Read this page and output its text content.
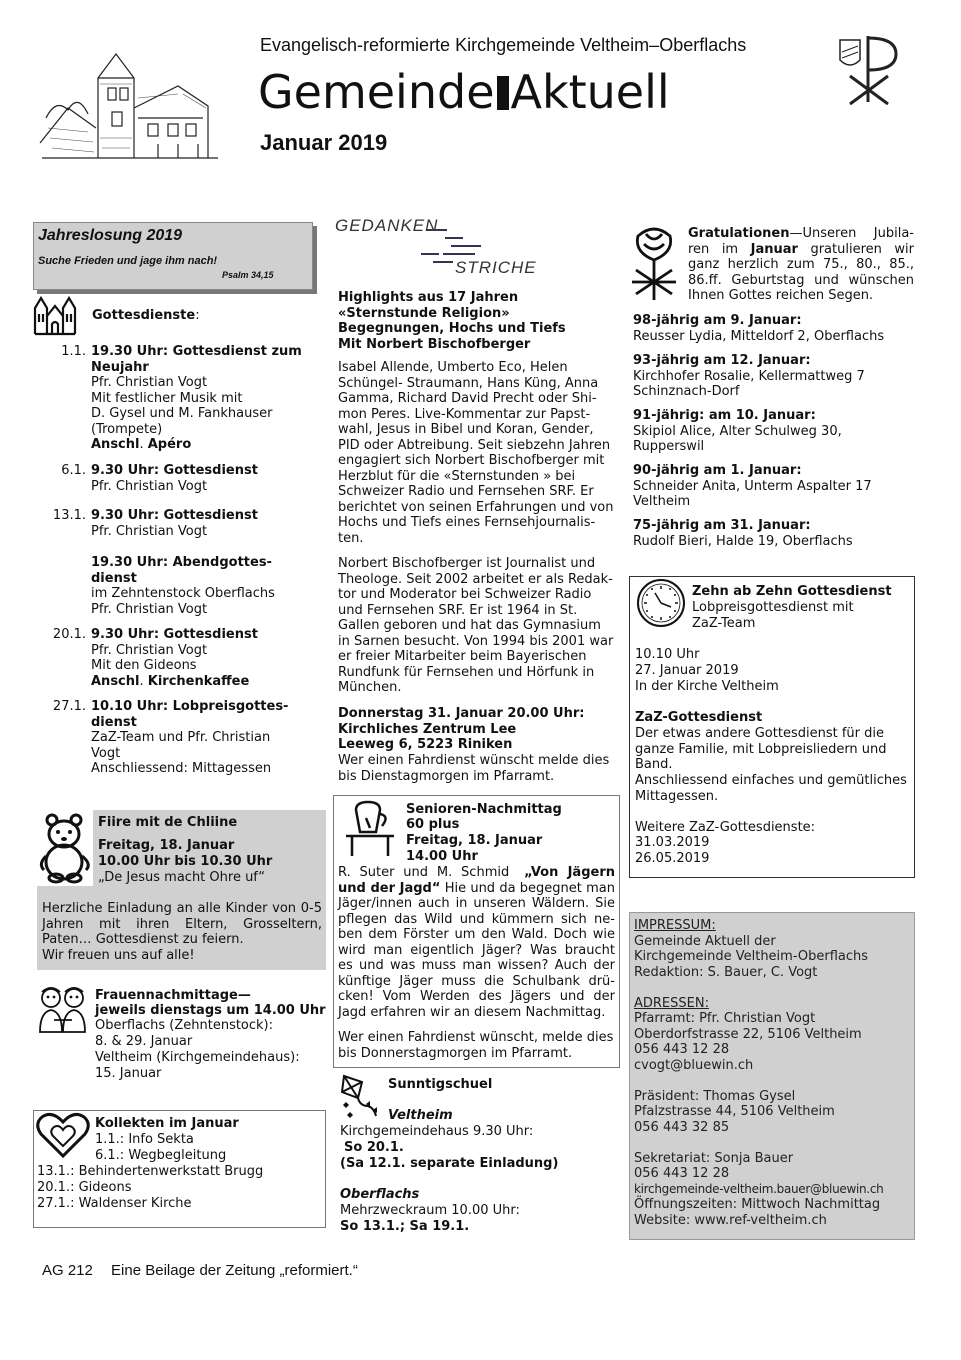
Evangelisch-reformierte Kirchgemeinde Veltheim–Oberflachs
Gemeinde Aktuell
Januar 2019
Jahreslosung 2019
Suche Frieden und jage ihm nach!
Psalm 34,15
Gottesdienste:
1.1. 19.30 Uhr: Gottesdienst zum Neujahr
Pfr. Christian Vogt
Mit festlicher Musik mit
D. Gysel und M. Fankhauser
(Trompete)
Anschl. Apéro
6.1. 9.30 Uhr: Gottesdienst
Pfr. Christian Vogt
13.1. 9.30 Uhr: Gottesdienst
Pfr. Christian Vogt
19.30 Uhr: Abendgottes-dienst
im Zehntenstock Oberflachs
Pfr. Christian Vogt
20.1. 9.30 Uhr: Gottesdienst
Pfr. Christian Vogt
Mit den Gideons
Anschl. Kirchenkaffee
27.1. 10.10 Uhr: Lobpreisgottes-dienst
ZaZ-Team und Pfr. Christian Vogt
Anschliessend: Mittagessen
Fiire mit de Chliine
Freitag, 18. Januar
10.00 Uhr bis 10.30 Uhr
„De Jesus macht Ohre uf“
Herzliche Einladung an alle Kinder von 0-5 Jahren mit ihren Eltern, Grosseltern, Paten… Gottesdienst zu feiern.
Wir freuen uns auf alle!
Frauennachmittage—
jeweils dienstags um 14.00 Uhr
Oberflachs (Zehntenstock):
8. & 29. Januar
Veltheim (Kirchgemeindehaus):
15. Januar
Kollekten im Januar
1.1.: Info Sekta
6.1.: Wegbegleitung
13.1.: Behindertenwerkstatt Brugg
20.1.: Gideons
27.1.: Waldenser Kirche
GEDANKEN
STRICHE
Highlights aus 17 Jahren
«Sternstunde Religion»
Begegnungen, Hochs und Tiefs
Mit Norbert Bischofberger
Isabel Allende, Umberto Eco, Helen Schüngel- Straumann, Hans Küng, Anna Gamma, Richard David Precht oder Shi-mon Peres. Live-Kommentar zur Papst-wahl, Jesus in Bibel und Koran, Gender, PID oder Abtreibung. Seit siebzehn Jahren engagiert sich Norbert Bischofberger mit Herzblut für die «Sternstunden » bei Schweizer Radio und Fernsehen SRF. Er berichtet von seinen Erfahrungen und von Hochs und Tiefs eines Fernsehjournalis-ten.
Norbert Bischofberger ist Journalist und Theologe. Seit 2002 arbeitet er als Redak-tor und Moderator bei Schweizer Radio und Fernsehen SRF. Er ist 1964 in St. Gallen geboren und hat das Gymnasium in Sarnen besucht. Von 1994 bis 2001 war er freier Mitarbeiter beim Bayerischen Rundfunk für Fernsehen und Hörfunk in München.
Donnerstag 31. Januar 20.00 Uhr:
Kirchliches Zentrum Lee
Leeweg 6, 5223 Riniken
Wer einen Fahrdienst wünscht melde dies bis Dienstagmorgen im Pfarramt.
Senioren-Nachmittag
60 plus
Freitag, 18. Januar
14.00 Uhr
R. Suter und M. Schmid „Von Jägern und der Jagd“ Hie und da begegnet man Jäger/innen auch in unseren Wäldern. Sie pflegen das Wild und kümmern sich ne-ben dem Förster um den Wald. Doch wie wird man eigentlich Jäger? Was braucht es und was muss man wissen? Auch der künftige Jäger muss die Schulbank drü-cken! Vom Werden des Jägers und der Jagd erfahren wir an diesem Nachmittag.
Wer einen Fahrdienst wünscht, melde dies bis Donnerstagmorgen im Pfarramt.
Sunntigschuel
Veltheim
Kirchgemeindehaus 9.30 Uhr:
So 20.1.
(Sa 12.1. separate Einladung)
Oberflachs
Mehrzweckraum 10.00 Uhr:
So 13.1.; Sa 19.1.
Gratulationen—Unseren Jubila-ren im Januar gratulieren wir ganz herzlich zum 75., 80., 85., 86.ff. Geburtstag und wünschen Ihnen Gottes reichen Segen.
98-jährig am 9. Januar:
Reusser Lydia, Mitteldorf 2, Oberflachs
93-jährig am 12. Januar:
Kirchhofer Rosalie, Kellermattweg 7
Schinznach-Dorf
91-jährig: am 10. Januar:
Skipiol Alice, Alter Schulweg 30,
Rupperswil
90-jährig am 1. Januar:
Schneider Anita, Unterm Aspalter 17
Veltheim
75-jährig am 31. Januar:
Rudolf Bieri, Halde 19, Oberflachs
Zehn ab Zehn Gottesdienst
Lobpreisgottesdienst mit
ZaZ-Team
10.10 Uhr
27. Januar 2019
In der Kirche Veltheim
ZaZ-Gottesdienst
Der etwas andere Gottesdienst für die ganze Familie, mit Lobpreisliedern und Band.
Anschliessend einfaches und gemütliches Mittagessen.
Weitere ZaZ-Gottesdienste:
31.03.2019
26.05.2019
IMPRESSUM:
Gemeinde Aktuell der
Kirchgemeinde Veltheim-Oberflachs
Redaktion: S. Bauer, C. Vogt
ADRESSEN:
Pfarramt: Pfr. Christian Vogt
Oberdorfstrasse 22, 5106 Veltheim
056 443 12 28
cvogt@bluewin.ch
Präsident: Thomas Gysel
Pfalzstrasse 44, 5106 Veltheim
056 443 32 85
Sekretariat: Sonja Bauer
056 443 12 28
kirchgemeinde-veltheim.bauer@bluewin.ch
Öffnungszeiten: Mittwoch Nachmittag
Website: www.ref-veltheim.ch
AG 212 Eine Beilage der Zeitung „reformiert.“
